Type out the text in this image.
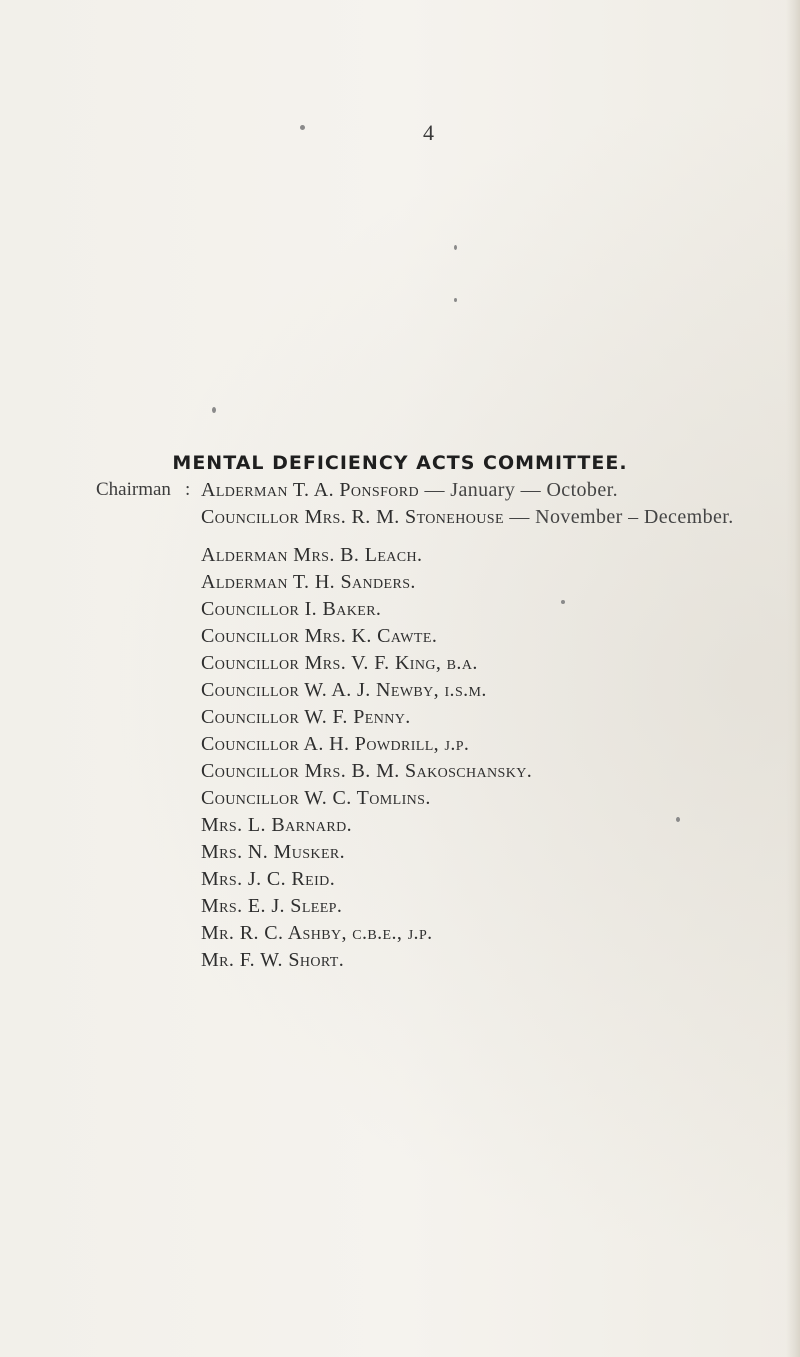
4
MENTAL DEFICIENCY ACTS COMMITTEE.
Chairman : Alderman T. A. Ponsford — January — October.
Councillor Mrs. R. M. Stonehouse — November – December.
Alderman Mrs. B. Leach.
Alderman T. H. Sanders.
Councillor I. Baker.
Councillor Mrs. K. Cawte.
Councillor Mrs. V. F. King, b.a.
Councillor W. A. J. Newby, i.s.m.
Councillor W. F. Penny.
Councillor A. H. Powdrill, j.p.
Councillor Mrs. B. M. Sakoschansky.
Councillor W. C. Tomlins.
Mrs. L. Barnard.
Mrs. N. Musker.
Mrs. J. C. Reid.
Mrs. E. J. Sleep.
Mr. R. C. Ashby, c.b.e., j.p.
Mr. F. W. Short.
